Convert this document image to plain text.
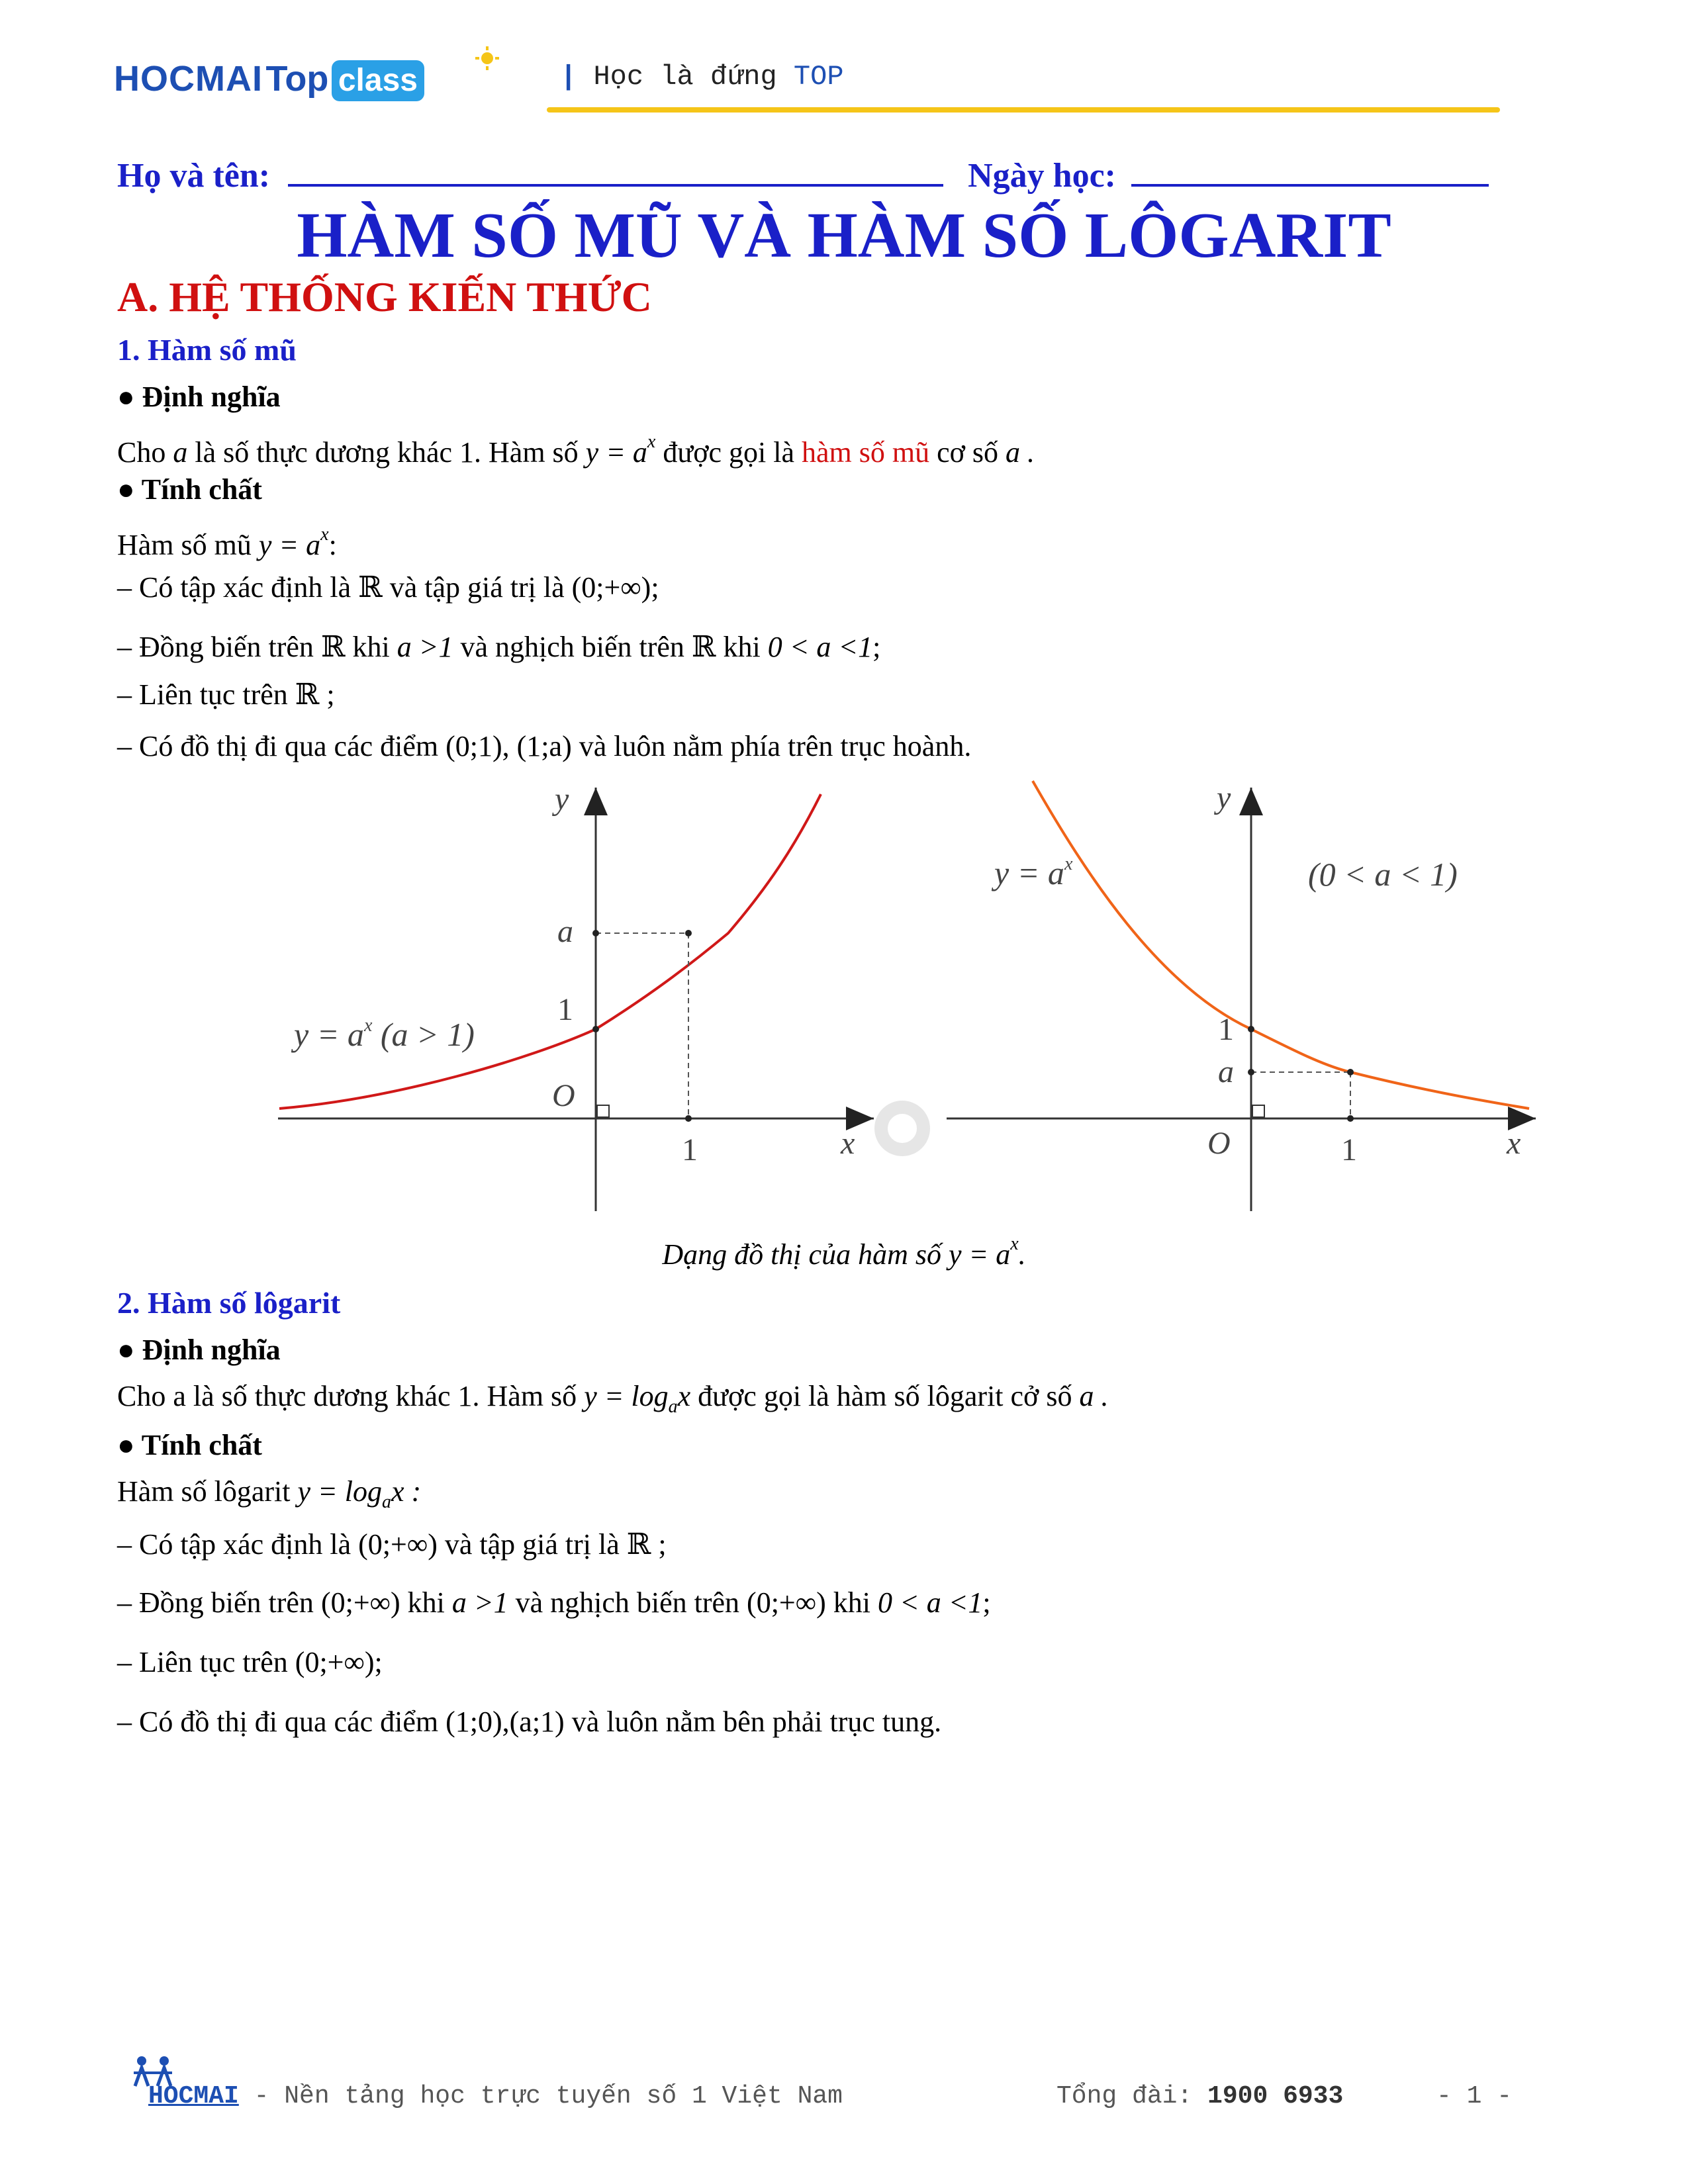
HOCMAI Top class	| Học là đứng TOP
Họ và tên:	Ngày học:
HÀM SỐ MŨ VÀ HÀM SỐ LÔGARIT
A. HỆ THỐNG KIẾN THỨC
1. Hàm số mũ
● Định nghĩa
Cho a là số thực dương khác 1. Hàm số $y = a^x$ được gọi là hàm số mũ cơ số a .
● Tính chất
Hàm số mũ $y = a^x$:
– Có tập xác định là ℝ và tập giá trị là (0;+∞);
– Đồng biến trên ℝ khi a >1 và nghịch biến trên ℝ khi 0 < a <1;
– Liên tục trên ℝ ;
– Có đồ thị đi qua các điểm (0;1), (1;a) và luôn nằm phía trên trục hoành.
y
x
O
a
1
1
$y = a^x$ (a > 1)
y
x
O
a
1
1
$y = a^x$	(0 < a < 1)
Dạng đồ thị của hàm số $y = a^x$.
2. Hàm số lôgarit
● Định nghĩa
Cho a là số thực dương khác 1. Hàm số $y = \log_ax$ được gọi là hàm số lôgarit cở số a .
● Tính chất
Hàm số lôgarit $y = \log_ax$ :
– Có tập xác định là (0;+∞) và tập giá trị là ℝ ;
– Đồng biến trên (0;+∞) khi a >1 và nghịch biến trên (0;+∞) khi 0 < a <1;
– Liên tục trên (0;+∞);
– Có đồ thị đi qua các điểm (1;0),(a;1) và luôn nằm bên phải trục tung.
HOCMAI - Nền tảng học trực tuyến số 1 Việt Nam	Tổng đài: 1900 6933	- 1 -
